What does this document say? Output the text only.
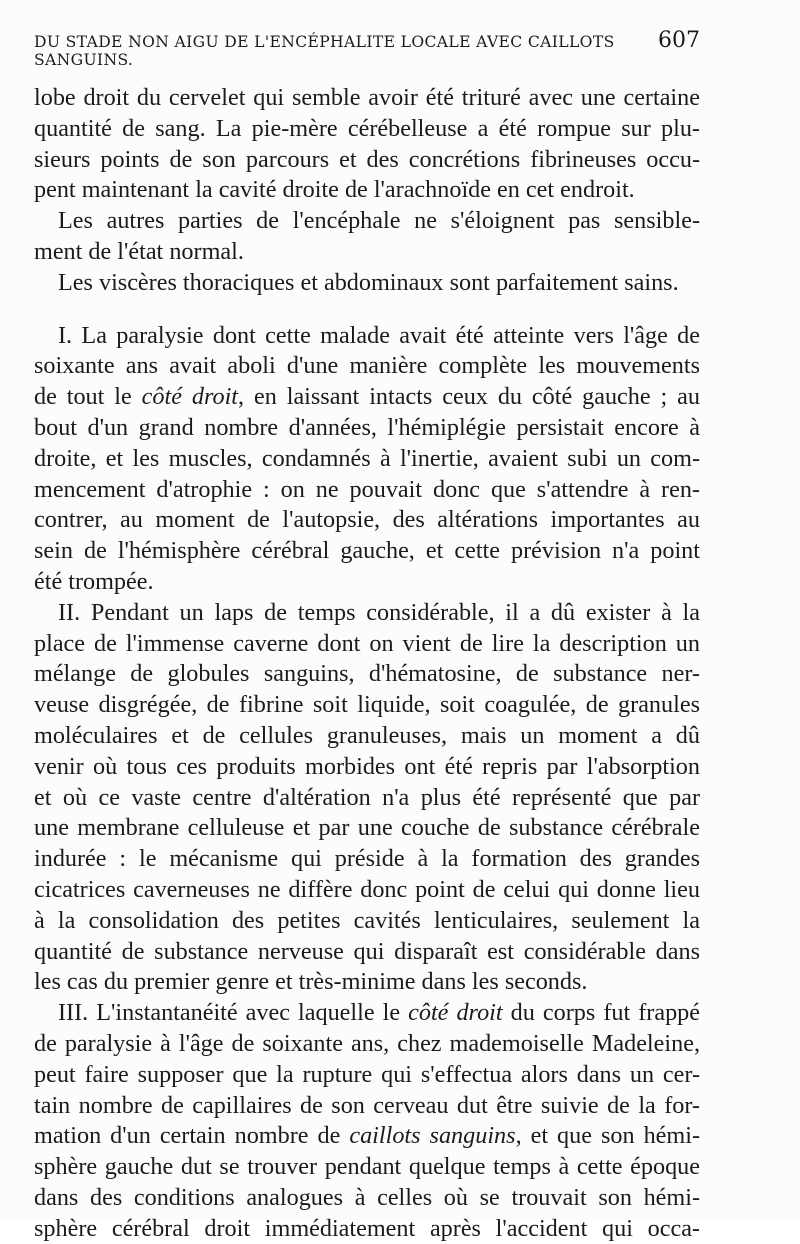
DU STADE NON AIGU DE L'ENCÉPHALITE LOCALE AVEC CAILLOTS SANGUINS.
607
lobe droit du cervelet qui semble avoir été trituré avec une certaine
quantité de sang. La pie-mère cérébelleuse a été rompue sur plu-
sieurs points de son parcours et des concrétions fibrineuses occu-
pent maintenant la cavité droite de l'arachnoïde en cet endroit.
Les autres parties de l'encéphale ne s'éloignent pas sensible-
ment de l'état normal.
Les viscères thoraciques et abdominaux sont parfaitement sains.
I. La paralysie dont cette malade avait été atteinte vers l'âge de
soixante ans avait aboli d'une manière complète les mouvements
de tout le côté droit, en laissant intacts ceux du côté gauche ; au
bout d'un grand nombre d'années, l'hémiplégie persistait encore à
droite, et les muscles, condamnés à l'inertie, avaient subi un com-
mencement d'atrophie : on ne pouvait donc que s'attendre à ren-
contrer, au moment de l'autopsie, des altérations importantes au
sein de l'hémisphère cérébral gauche, et cette prévision n'a point
été trompée.
II. Pendant un laps de temps considérable, il a dû exister à la
place de l'immense caverne dont on vient de lire la description un
mélange de globules sanguins, d'hématosine, de substance ner-
veuse disgrégée, de fibrine soit liquide, soit coagulée, de granules
moléculaires et de cellules granuleuses, mais un moment a dû
venir où tous ces produits morbides ont été repris par l'absorption
et où ce vaste centre d'altération n'a plus été représenté que par
une membrane celluleuse et par une couche de substance cérébrale
indurée : le mécanisme qui préside à la formation des grandes
cicatrices caverneuses ne diffère donc point de celui qui donne lieu
à la consolidation des petites cavités lenticulaires, seulement la
quantité de substance nerveuse qui disparaît est considérable dans
les cas du premier genre et très-minime dans les seconds.
III. L'instantanéité avec laquelle le côté droit du corps fut frappé
de paralysie à l'âge de soixante ans, chez mademoiselle Madeleine,
peut faire supposer que la rupture qui s'effectua alors dans un cer-
tain nombre de capillaires de son cerveau dut être suivie de la for-
mation d'un certain nombre de caillots sanguins, et que son hémi-
sphère gauche dut se trouver pendant quelque temps à cette époque
dans des conditions analogues à celles où se trouvait son hémi-
sphère cérébral droit immédiatement après l'accident qui occa-
